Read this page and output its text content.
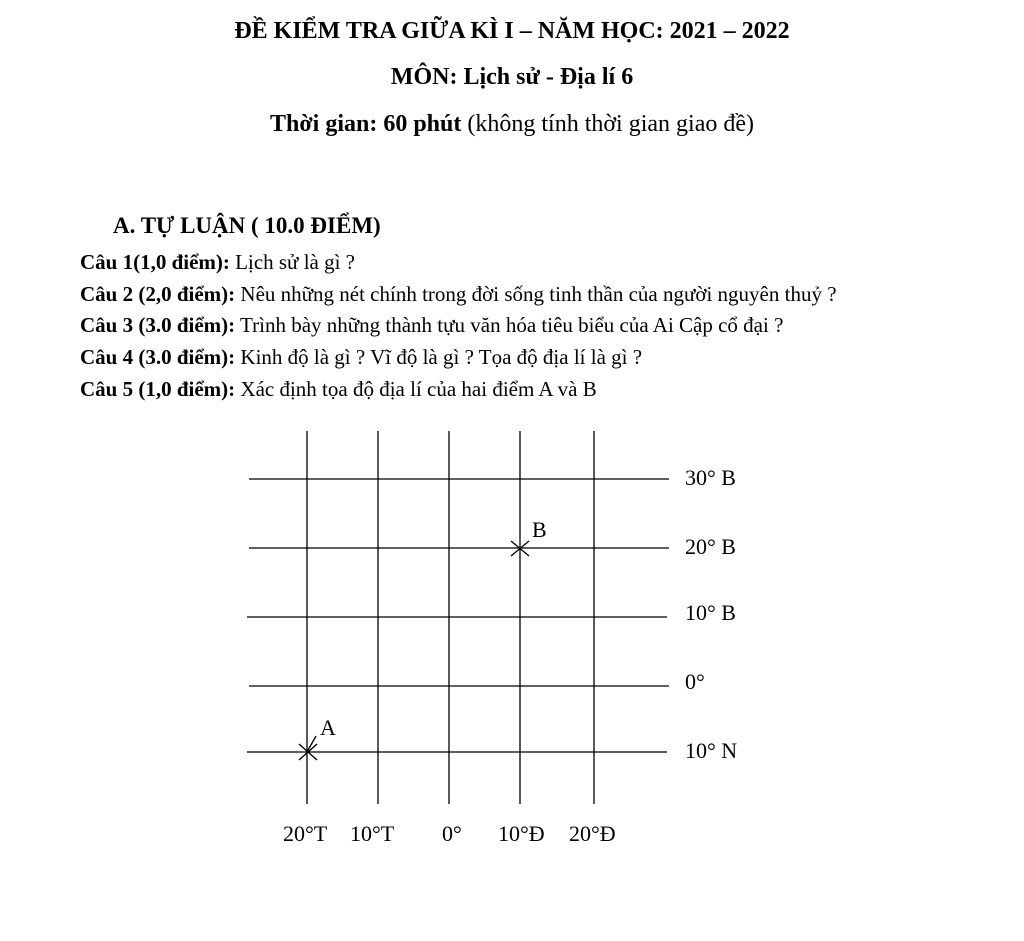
ĐỀ KIỂM TRA GIỮA KÌ I – NĂM HỌC: 2021 – 2022
MÔN: Lịch sử - Địa lí 6
Thời gian: 60 phút (không tính thời gian giao đề)
A. TỰ LUẬN ( 10.0 ĐIỂM)
Câu 1(1,0 điểm): Lịch sử là gì ?
Câu 2 (2,0 điểm): Nêu những nét chính trong đời sống tinh thần của người nguyên thuỷ ?
Câu 3 (3.0 điểm): Trình bày những thành tựu văn hóa tiêu biểu của Ai Cập cổ đại ?
Câu 4 (3.0 điểm): Kinh độ là gì ? Vĩ độ là gì ? Tọa độ địa lí là gì ?
Câu 5 (1,0 điểm): Xác định tọa độ địa lí của hai điểm A và B
A
B
30° B
20° B
10° B
0°
10° N
20°T 10°T 0° 10°Đ 20°Đ
